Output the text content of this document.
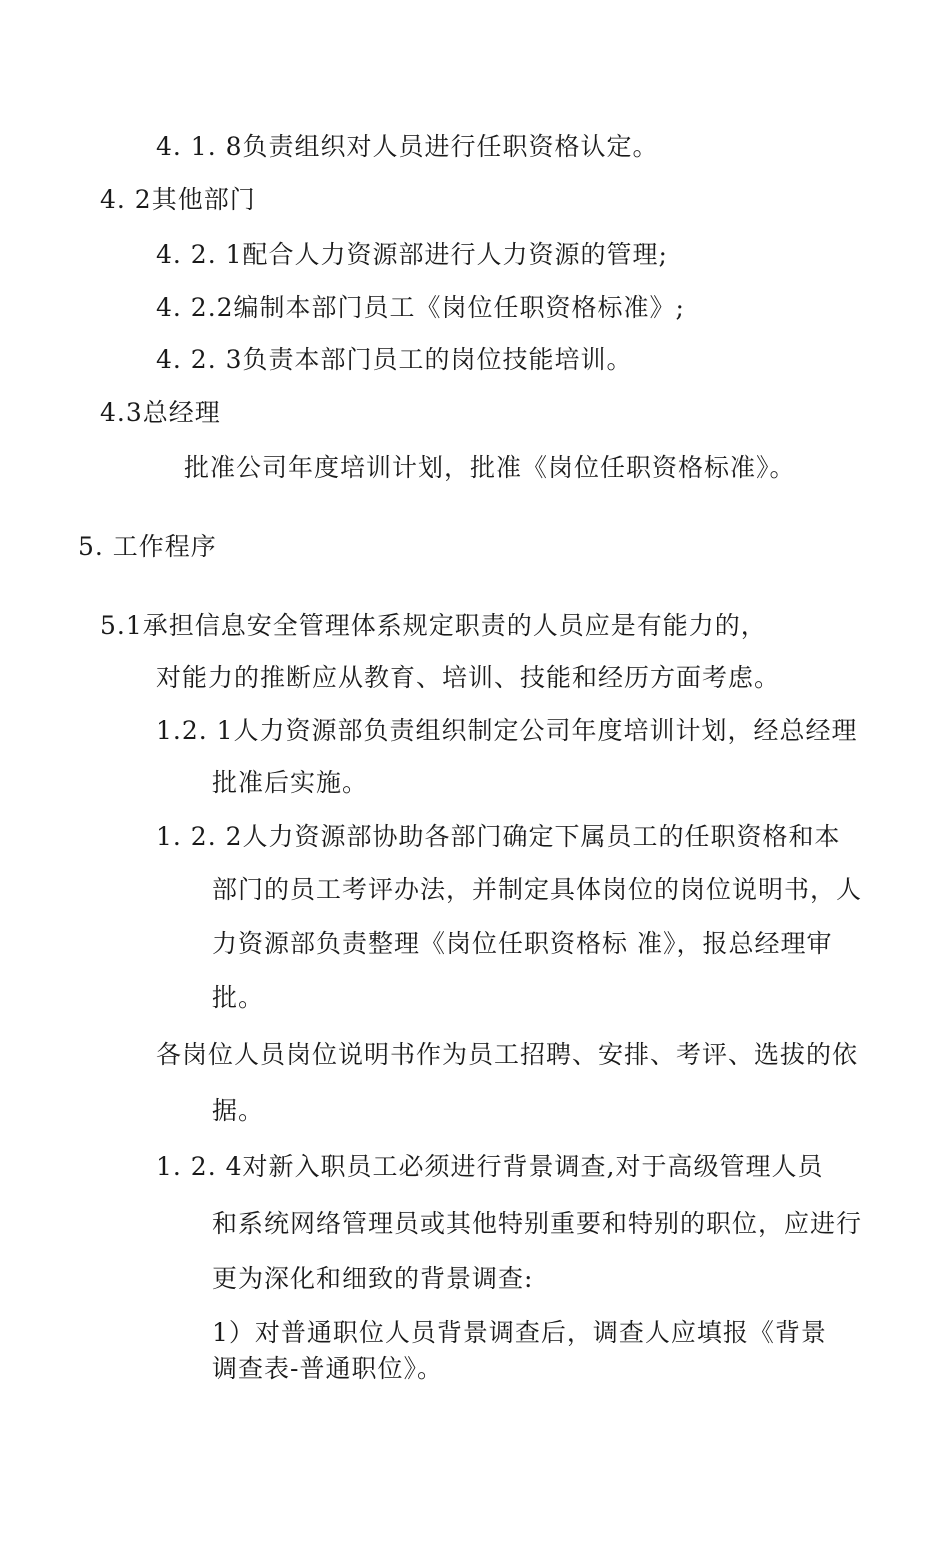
4. 1. 8负责组织对人员进行任职资格认定。
4. 2其他部门
4. 2. 1配合人力资源部进行人力资源的管理;
4. 2.2编制本部门员工《岗位任职资格标准》;
4. 2. 3负责本部门员工的岗位技能培训。
4.3总经理
批准公司年度培训计划，批准《岗位任职资格标准》。
5. 工作程序
5.1承担信息安全管理体系规定职责的人员应是有能力的，
对能力的推断应从教育、培训、技能和经历方面考虑。
1.2. 1人力资源部负责组织制定公司年度培训计划，经总经理
批准后实施。
1. 2. 2人力资源部协助各部门确定下属员工的任职资格和本
部门的员工考评办法，并制定具体岗位的岗位说明书，人
力资源部负责整理《岗位任职资格标 准》，报总经理审
批。
各岗位人员岗位说明书作为员工招聘、安排、考评、选拔的依
据。
1. 2. 4对新入职员工必须进行背景调查,对于高级管理人员
和系统网络管理员或其他特别重要和特别的职位，应进行
更为深化和细致的背景调查:
1）对普通职位人员背景调查后，调查人应填报《背景
调查表-普通职位》。
